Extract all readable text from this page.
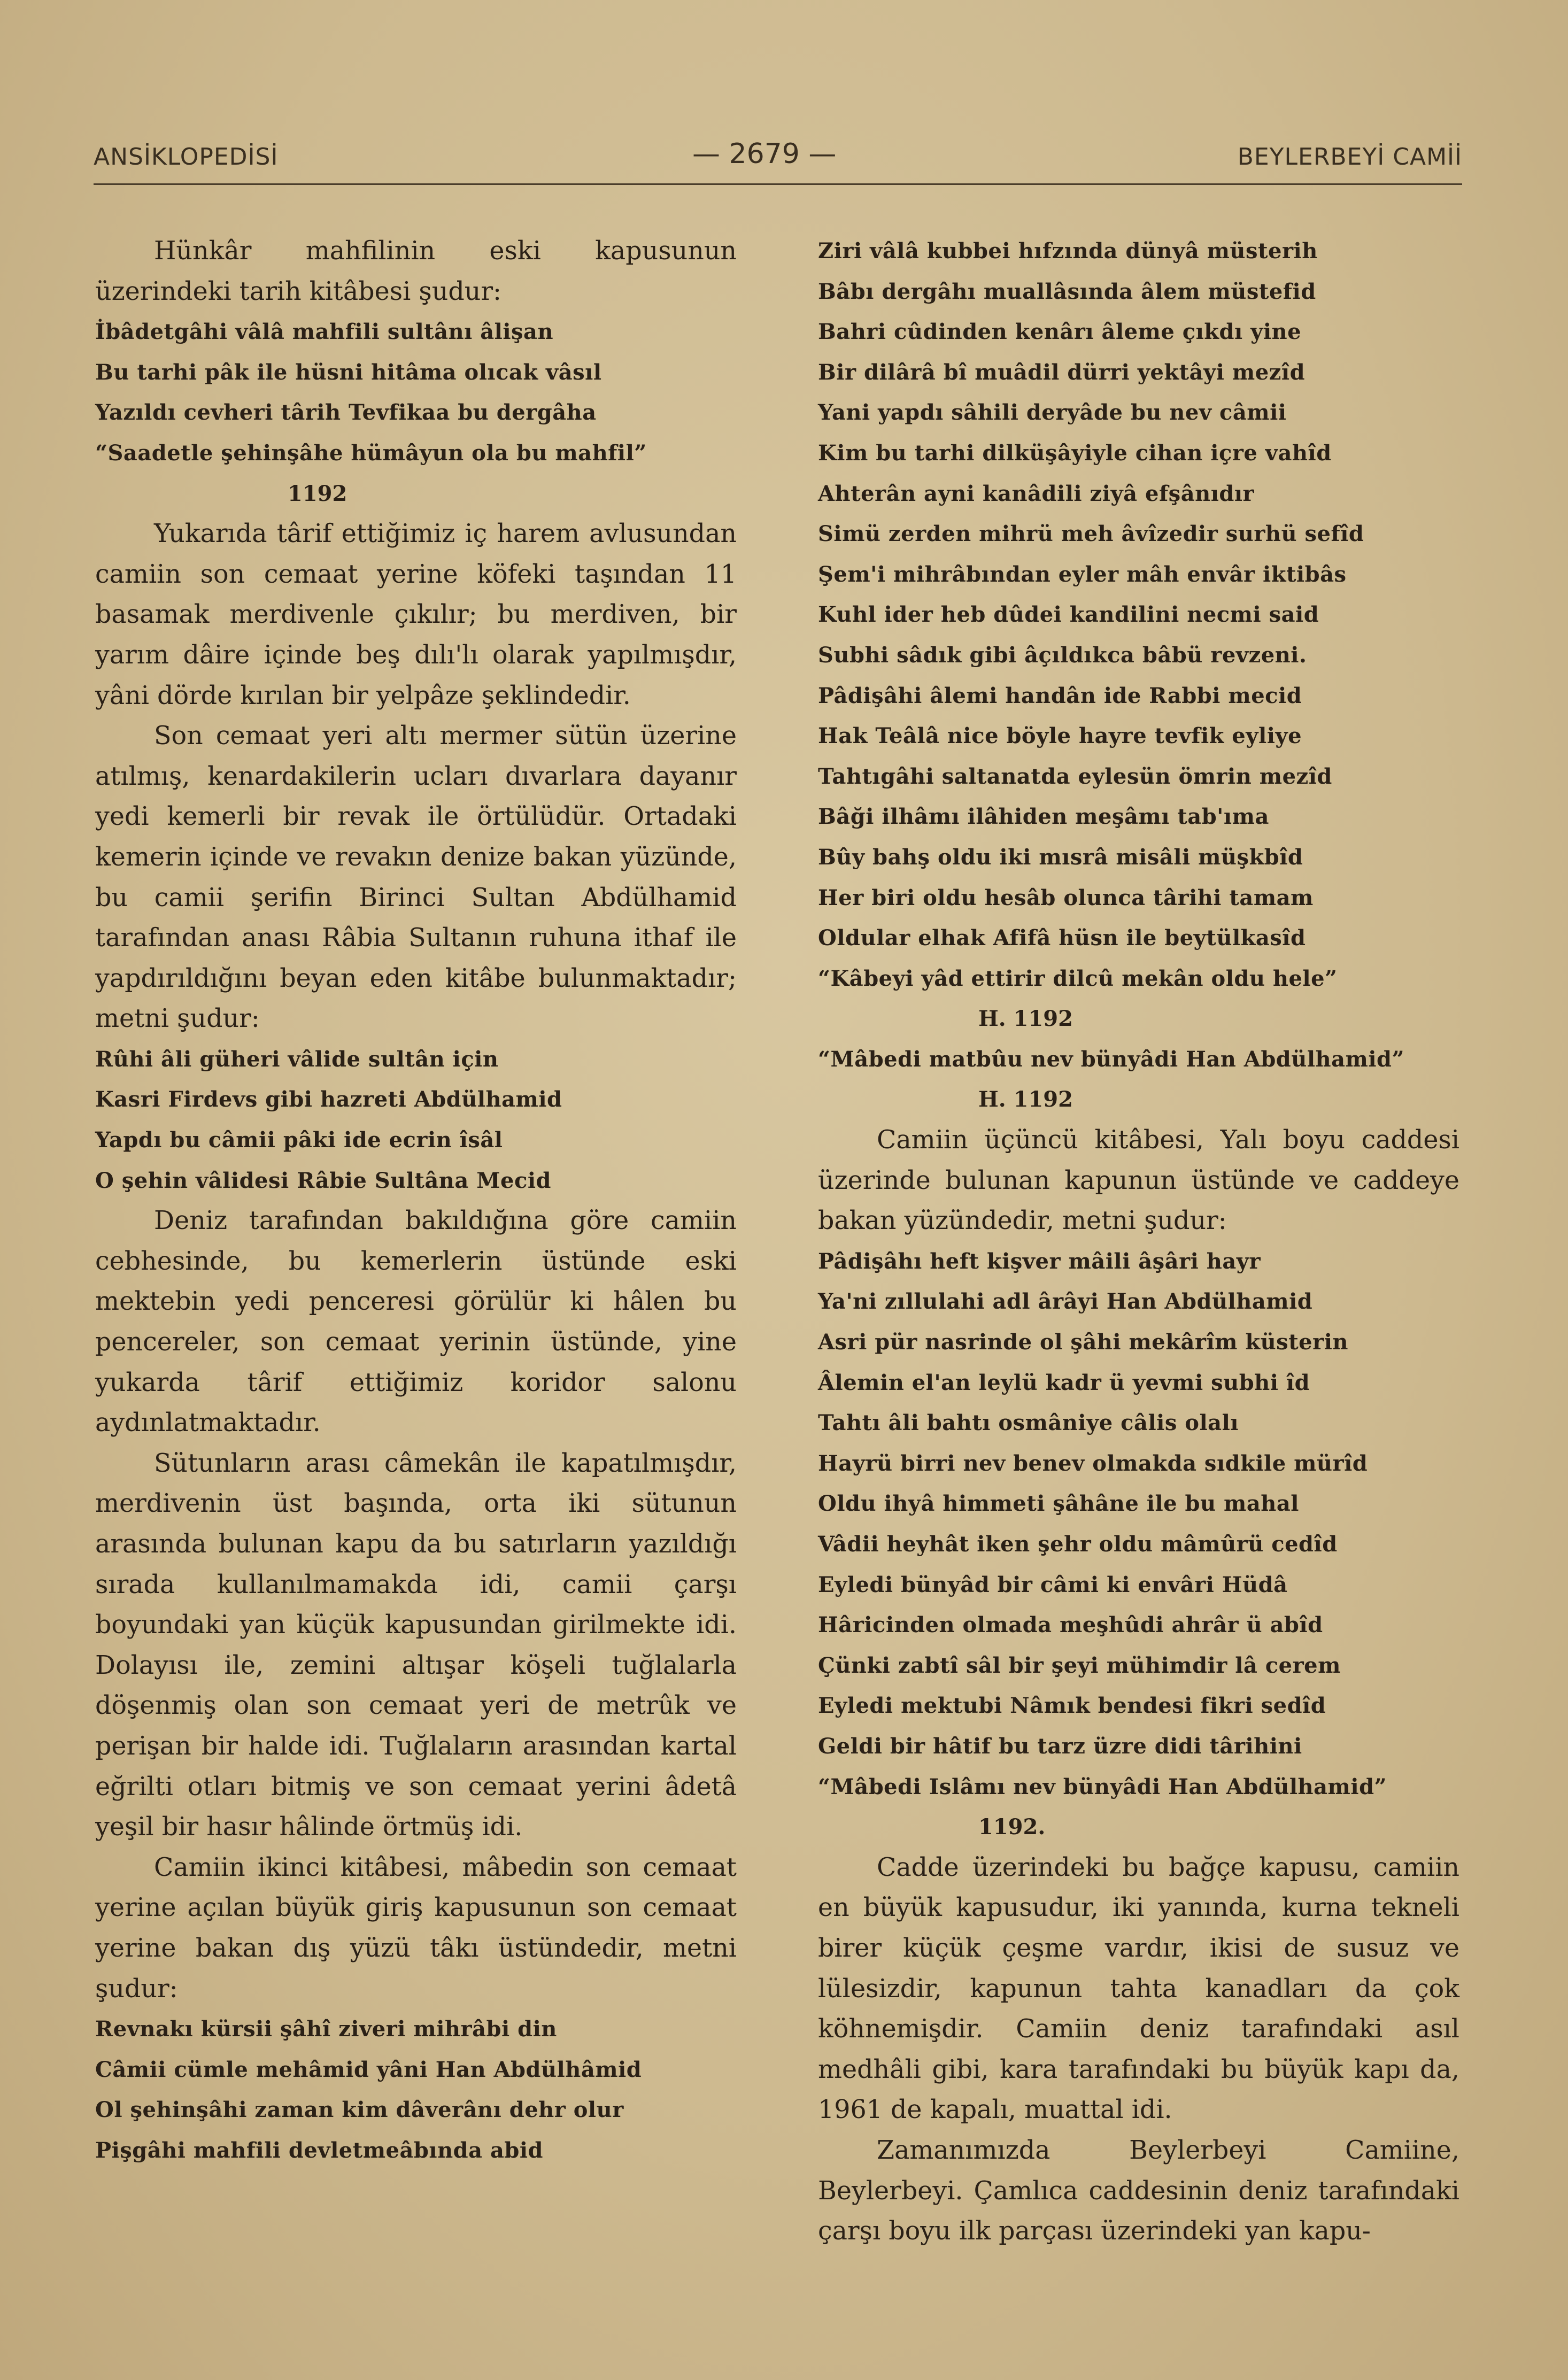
ANSİKLOPEDİSİ	— 2679 —	BEYLERBEYİ CAMİİ

Hünkâr mahfilinin eski kapusunun üzerindeki tarih kitâbesi şudur:

İbâdetgâhi vâlâ mahfili sultânı âlişan

Bu tarhi pâk ile hüsni hitâma olıcak vâsıl

Yazıldı cevheri târih Tevfikaa bu dergâha

“Saadetle şehinşâhe hümâyun ola bu mahfil”

1192

Yukarıda târif ettiğimiz iç harem avlusundan camiin son cemaat yerine köfeki taşından 11 basamak merdivenle çıkılır; bu merdiven, bir yarım dâire içinde beş dılı'lı olarak yapılmışdır, yâni dörde kırılan bir yelpâze şeklindedir.

Son cemaat yeri altı mermer sütün üzerine atılmış, kenardakilerin ucları dıvarlara dayanır yedi kemerli bir revak ile örtülüdür. Ortadaki kemerin içinde ve revakın denize bakan yüzünde, bu camii şerifin Birinci Sultan Abdülhamid tarafından anası Râbia Sultanın ruhuna ithaf ile yapdırıldığını beyan eden kitâbe bulunmaktadır; metni şudur:

Rûhi âli güheri vâlide sultân için

Kasri Firdevs gibi hazreti Abdülhamid

Yapdı bu câmii pâki ide ecrin îsâl

O şehin vâlidesi Râbie Sultâna Mecid

Deniz tarafından bakıldığına göre camiin cebhesinde, bu kemerlerin üstünde eski mektebin yedi penceresi görülür ki hâlen bu pencereler, son cemaat yerinin üstünde, yine yukarda târif ettiğimiz koridor salonu aydınlatmaktadır.

Sütunların arası câmekân ile kapatılmışdır, merdivenin üst başında, orta iki sütunun arasında bulunan kapu da bu satırların yazıldığı sırada kullanılmamakda idi, camii çarşı boyundaki yan küçük kapusundan girilmekte idi. Dolayısı ile, zemini altışar köşeli tuğlalarla döşenmiş olan son cemaat yeri de metrûk ve perişan bir halde idi. Tuğlaların arasından kartal eğrilti otları bitmiş ve son cemaat yerini âdetâ yeşil bir hasır hâlinde örtmüş idi.

Camiin ikinci kitâbesi, mâbedin son cemaat yerine açılan büyük giriş kapusunun son cemaat yerine bakan dış yüzü tâkı üstündedir, metni şudur:

Revnakı kürsii şâhî ziveri mihrâbi din

Câmii cümle mehâmid yâni Han Abdülhâmid

Ol şehinşâhi zaman kim dâverânı dehr olur

Pişgâhi mahfili devletmeâbında abid

Ziri vâlâ kubbei hıfzında dünyâ müsterih

Bâbı dergâhı muallâsında âlem müstefid

Bahri cûdinden kenârı âleme çıkdı yine

Bir dilârâ bî muâdil dürri yektâyi mezîd

Yani yapdı sâhili deryâde bu nev câmii

Kim bu tarhi dilküşâyiyle cihan içre vahîd

Ahterân ayni kanâdili ziyâ efşânıdır

Simü zerden mihrü meh âvîzedir surhü sefîd

Şem'i mihrâbından eyler mâh envâr iktibâs

Kuhl ider heb dûdei kandilini necmi said

Subhi sâdık gibi âçıldıkca bâbü revzeni.

Pâdişâhi âlemi handân ide Rabbi mecid

Hak Teâlâ nice böyle hayre tevfik eyliye

Tahtıgâhi saltanatda eylesün ömrin mezîd

Bâği ilhâmı ilâhiden meşâmı tab'ıma

Bûy bahş oldu iki mısrâ misâli müşkbîd

Her biri oldu hesâb olunca târihi tamam

Oldular elhak Afifâ hüsn ile beytülkasîd

“Kâbeyi yâd ettirir dilcû mekân oldu hele”

H. 1192

“Mâbedi matbûu nev bünyâdi Han Abdülhamid”

H. 1192

Camiin üçüncü kitâbesi, Yalı boyu caddesi üzerinde bulunan kapunun üstünde ve caddeye bakan yüzündedir, metni şudur:

Pâdişâhı heft kişver mâili âşâri hayr

Ya'ni zıllulahi adl ârâyi Han Abdülhamid

Asri pür nasrinde ol şâhi mekârîm küsterin

Âlemin el'an leylü kadr ü yevmi subhi îd

Tahtı âli bahtı osmâniye câlis olalı

Hayrü birri nev benev olmakda sıdkile mürîd

Oldu ihyâ himmeti şâhâne ile bu mahal

Vâdii heyhât iken şehr oldu mâmûrü cedîd

Eyledi bünyâd bir câmi ki envâri Hüdâ

Hâricinden olmada meşhûdi ahrâr ü abîd

Çünki zabtî sâl bir şeyi mühimdir lâ cerem

Eyledi mektubi Nâmık bendesi fikri sedîd

Geldi bir hâtif bu tarz üzre didi târihini

“Mâbedi Islâmı nev bünyâdi Han Abdülhamid”

1192.

Cadde üzerindeki bu bağçe kapusu, camiin en büyük kapusudur, iki yanında, kurna tekneli birer küçük çeşme vardır, ikisi de susuz ve lülesizdir, kapunun tahta kanadları da çok köhnemişdir. Camiin deniz tarafındaki asıl medhâli gibi, kara tarafındaki bu büyük kapı da, 1961 de kapalı, muattal idi.

Zamanımızda Beylerbeyi Camiine, Beylerbeyi. Çamlıca caddesinin deniz tarafındaki çarşı boyu ilk parçası üzerindeki yan kapu-
